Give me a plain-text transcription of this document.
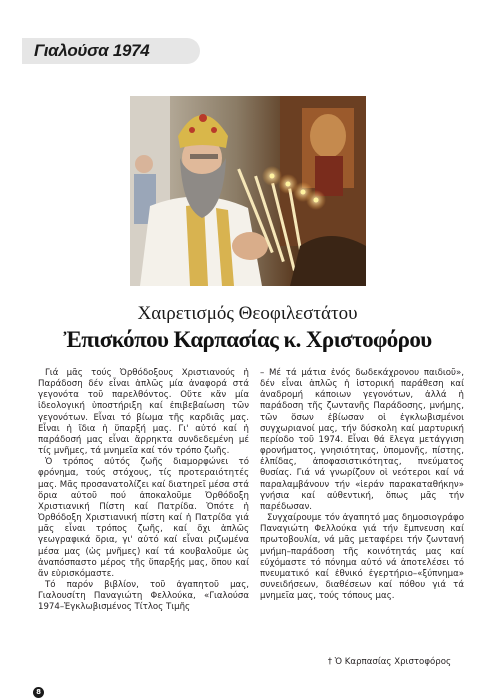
Γιαλούσα 1974
Χαιρετισμός Θεοφιλεστάτου
Ἐπισκόπου Καρπασίας κ. Χριστοφόρου

Γιά μᾶς τούς Ὀρθόδοξους Χριστιανούς ἡ Παράδοση δέν εἶναι ἁπλῶς μία ἀναφορά στά γεγονότα τοῦ παρελθόντος. Οὔτε κἄν μία ἰδεολογική ὑποστήριξη καί ἐπιβεβαίωση τῶν γεγονότων. Εἶναι τό βίωμα τῆς καρδιᾶς μας. Εἶναι ἡ ἴδια ἡ ὕπαρξή μας. Γι' αὐτό καί ἡ παράδοσή μας εἶναι ἄρρηκτα συνδεδεμένη μέ τίς μνῆμες, τά μνημεῖα καί τόν τρόπο ζωῆς.

Ὁ τρόπος αὐτός ζωῆς διαμορφώνει τό φρόνημα, τούς στόχους, τίς προτεραιότητές μας. Μᾶς προσανατολίζει καί διατηρεῖ μέσα στά ὅρια αὐτοῦ πού ἀποκαλοῦμε Ὀρθόδοξη Χριστιανική Πίστη καί Πατρίδα. Ὁπότε ἡ Ὀρθόδοξη Χριστιανική πίστη καί ἡ Πατρίδα γιά μᾶς εἶναι τρόπος ζωῆς, καί ὄχι ἁπλῶς γεωγραφικά ὅρια, γι' αὐτό καί εἶναι ριζωμένα μέσα μας (ὡς μνῆμες) καί τά κουβαλοῦμε ὡς ἀναπόσπαστο μέρος τῆς ὕπαρξής μας, ὅπου καί ἄν εὑρισκόμαστε.

Τό παρόν βιβλίον, τοῦ ἀγαπητοῦ μας, Γιαλουσίτη Παναγιώτη Φελλούκα, «Γιαλούσα 1974–Ἐγκλωβισμένος Τίτλος Τιμῆς

– Μέ τά μάτια ἑνός δωδεκάχρονου παιδιοῦ», δέν εἶναι ἁπλῶς ἡ ἱστορική παράθεση καί ἀναδρομή κάποιων γεγονότων, ἀλλά ἡ παράδοση τῆς ζωντανῆς Παράδοσης, μνήμης, τῶν ὅσων ἐβίωσαν οἱ ἐγκλωβισμένοι συγχωριανοί μας, τήν δύσκολη καί μαρτυρική περίοδο τοῦ 1974. Εἶναι θά ἔλεγα μετάγγιση φρονήματος, γνησιότητας, ὑπομονῆς, πίστης, ἐλπίδας, ἀποφασιστικότητας, πνεύματος θυσίας. Γιά νά γνωρίζουν οἱ νεότεροι καί νά παραλαμβάνουν τήν «ἱεράν παρακαταθήκην» γνήσια καί αὐθεντική, ὅπως μᾶς τήν παρέδωσαν.

Συγχαίρουμε τόν ἀγαπητό μας δημοσιογράφο Παναγιώτη Φελλούκα γιά τήν ἔμπνευση καί πρωτοβουλία, νά μᾶς μεταφέρει τήν ζωντανή μνήμη–παράδοση τῆς κοινότητάς μας καί εὐχόμαστε τό πόνημα αὐτό νά ἀποτελέσει τό πνευματικό καί ἐθνικό ἐγερτήριο–«ξύπνημα» συνειδήσεων, διαθέσεων καί πόθου γιά τά μνημεῖα μας, τούς τόπους μας.

† Ὁ Καρπασίας Χριστοφόρος
8
